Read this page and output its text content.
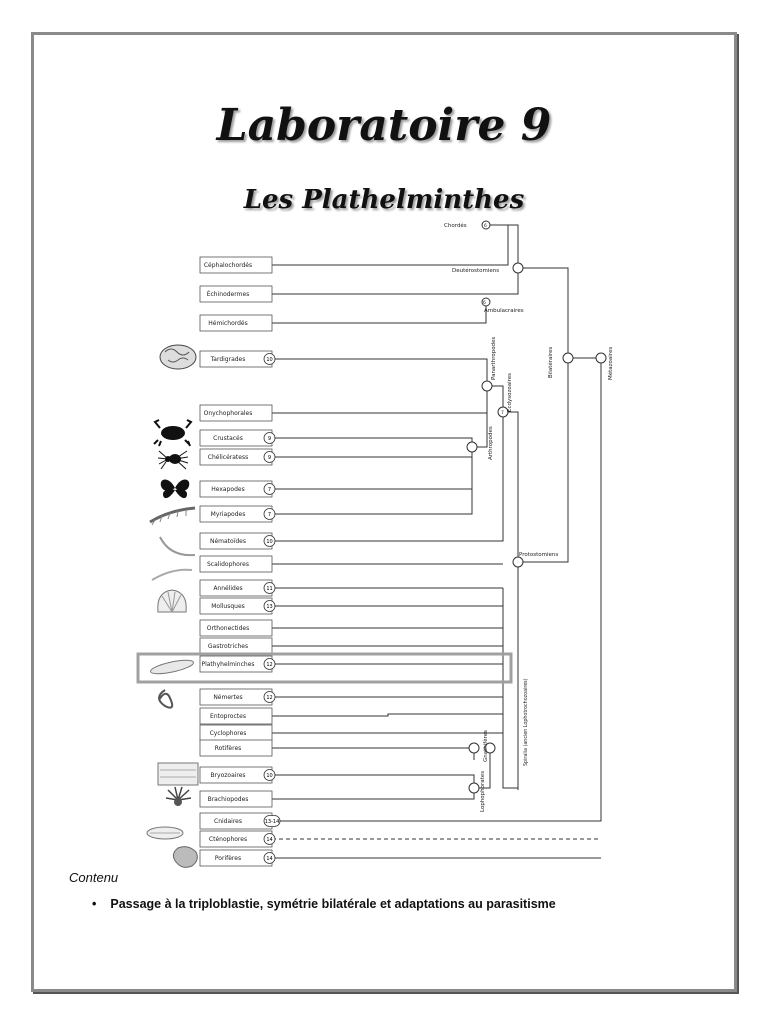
Laboratoire 9
Les Plathelminthes
Chordés	6
Deutérostomiens
Ambulacraires
6
7
Protostomiens
Bilatéraires	Métazoaires
Panarthropodes
Ecdysozoaires
Arthropodes
Spiralia (ancien Lophotrochozoaires)
Gnathifères
Lophophorates
Céphalochordés
Échinodermes
Hémichordés
Tardigrades	10
Onychophorales
Crustacés	9
Chélicératess	9
Hexapodes	7
Myriapodes	7
Nématoïdes	10
Scalidophores
Annélides	11
Mollusques	13
Orthonectides
Gastrotriches
Plathyhelminches 12
Némertes	12
Entoproctes
Cyclophores
Rotifères
Bryozoaires	10
Brachiopodes
Cnidaires	13-14
Cténophores	14
Porifères	14
Contenu
• Passage à la triploblastie, symétrie bilatérale et adaptations au parasitisme
